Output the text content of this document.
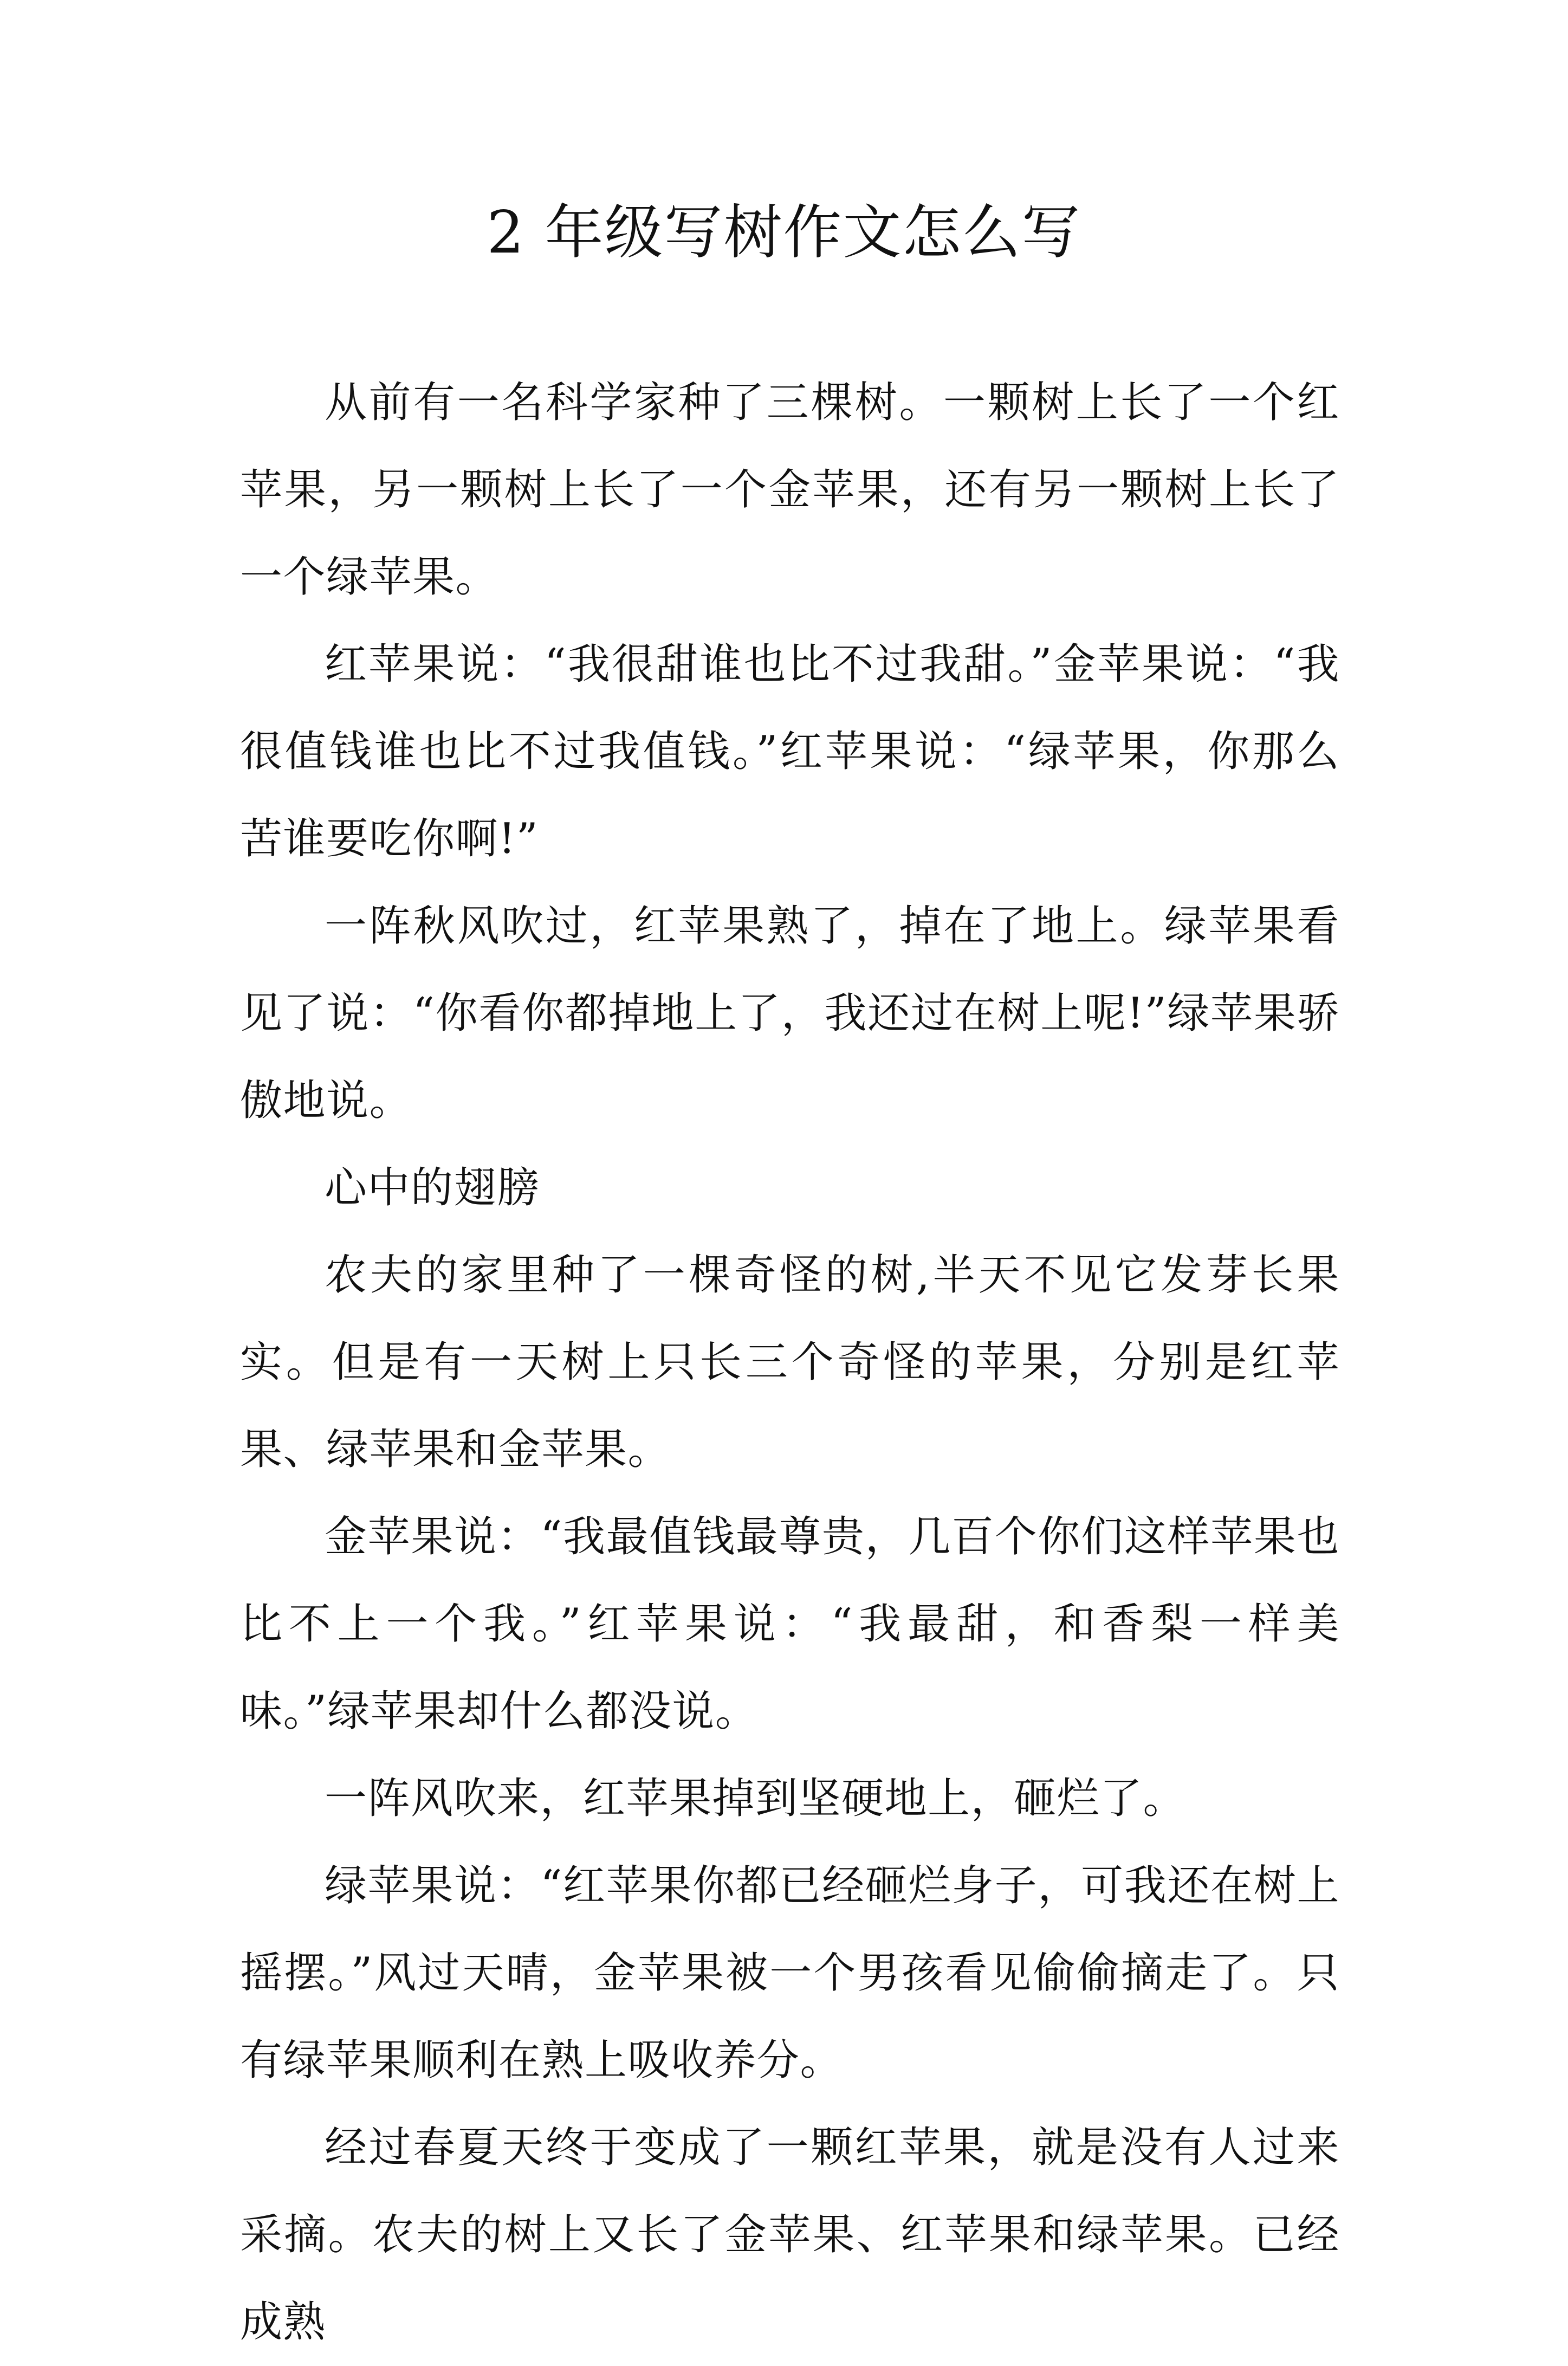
2 年级写树作文怎么写

从前有一名科学家种了三棵树。一颗树上长了一个红苹果，另一颗树上长了一个金苹果，还有另一颗树上长了一个绿苹果。

红苹果说：“我很甜谁也比不过我甜。”金苹果说：“我很值钱谁也比不过我值钱。”红苹果说：“绿苹果，你那么苦谁要吃你啊!”

一阵秋风吹过，红苹果熟了，掉在了地上。绿苹果看见了说：“你看你都掉地上了，我还过在树上呢!”绿苹果骄傲地说。

心中的翅膀

农夫的家里种了一棵奇怪的树,半天不见它发芽长果实。但是有一天树上只长三个奇怪的苹果，分别是红苹果、绿苹果和金苹果。

金苹果说：“我最值钱最尊贵，几百个你们这样苹果也比不上一个我。”红苹果说：“我最甜，和香梨一样美味。”绿苹果却什么都没说。

一阵风吹来，红苹果掉到坚硬地上，砸烂了。

绿苹果说：“红苹果你都已经砸烂身子，可我还在树上摇摆。”风过天晴，金苹果被一个男孩看见偷偷摘走了。只有绿苹果顺利在熟上吸收养分。

经过春夏天终于变成了一颗红苹果，就是没有人过来采摘。农夫的树上又长了金苹果、红苹果和绿苹果。已经成熟
